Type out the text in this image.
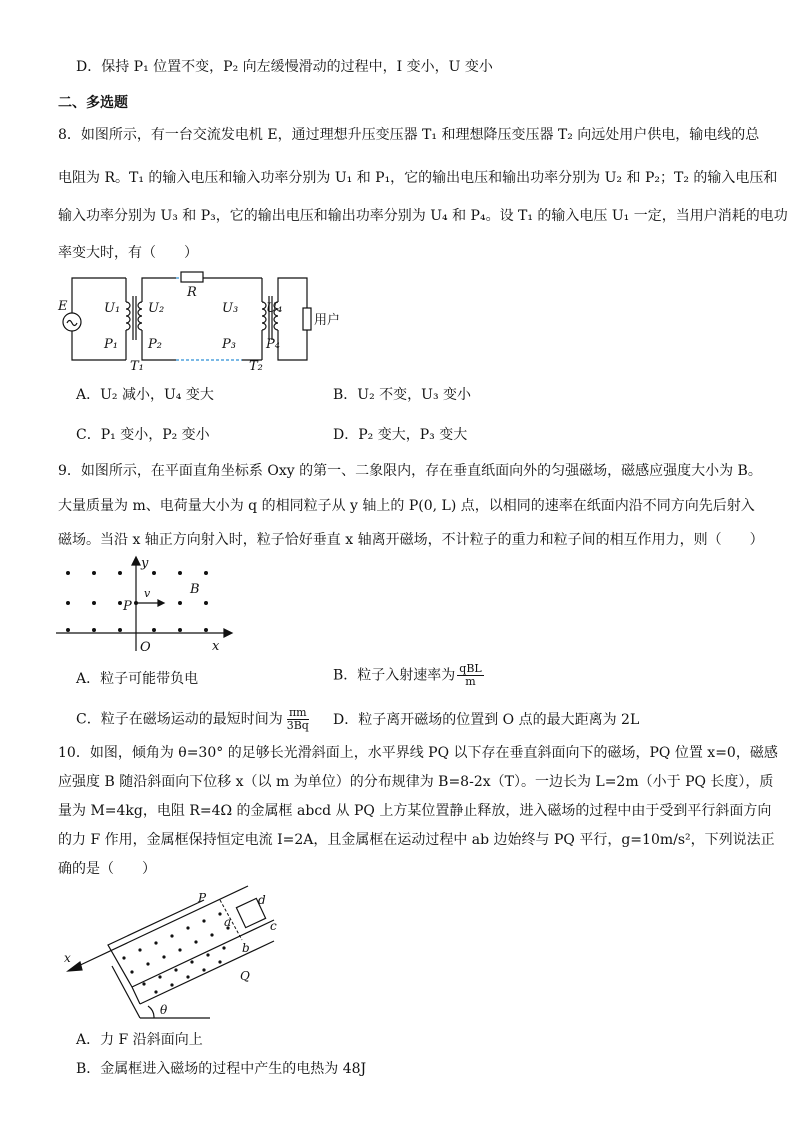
D．保持 P₁ 位置不变，P₂ 向左缓慢滑动的过程中，I 变小，U 变小
二、多选题
8．如图所示，有一台交流发电机 E，通过理想升压变压器 T₁ 和理想降压变压器 T₂ 向远处用户供电，输电线的总
电阻为 R。T₁ 的输入电压和输入功率分别为 U₁ 和 P₁，它的输出电压和输出功率分别为 U₂ 和 P₂；T₂ 的输入电压和
输入功率分别为 U₃ 和 P₃，它的输出电压和输出功率分别为 U₄ 和 P₄。设 T₁ 的输入电压 U₁ 一定，当用户消耗的电功
率变大时，有（　　）
E
R
U₁ U₂	U₃ U₄
P₁ P₂	P₃ P₄
T₁	T₂
用户
A．U₂ 减小，U₄ 变大	B．U₂ 不变，U₃ 变小
C．P₁ 变小，P₂ 变小	D．P₂ 变大，P₃ 变大
9．如图所示，在平面直角坐标系 Oxy 的第一、二象限内，存在垂直纸面向外的匀强磁场，磁感应强度大小为 B。
大量质量为 m、电荷量大小为 q 的相同粒子从 y 轴上的 P(0, L) 点，以相同的速率在纸面内沿不同方向先后射入
磁场。当沿 x 轴正方向射入时，粒子恰好垂直 x 轴离开磁场，不计粒子的重力和粒子间的相互作用力，则（　　）
y
x
O
P
v	B
A．粒子可能带负电	B．粒子入射速率为 $\frac{\text{qBL}}{m}$
C．粒子在磁场运动的最短时间为 $\frac{\pi m}{3Bq}$ D．粒子离开磁场的位置到 O 点的最大距离为 2L
10．如图，倾角为 θ=30° 的足够长光滑斜面上，水平界线 PQ 以下存在垂直斜面向下的磁场，PQ 位置 x=0，磁感
应强度 B 随沿斜面向下位移 x（以 m 为单位）的分布规律为 B=8-2x（T）。一边长为 L=2m（小于 PQ 长度），质
量为 M=4kg，电阻 R=4Ω 的金属框 abcd 从 PQ 上方某位置静止释放，进入磁场的过程中由于受到平行斜面方向
的力 F 作用，金属框保持恒定电流 I=2A，且金属框在运动过程中 ab 边始终与 PQ 平行，g=10m/s²，下列说法正
确的是（　　）
x
P
Q
a
b
c
d
θ
A．力 F 沿斜面向上
B．金属框进入磁场的过程中产生的电热为 48J
